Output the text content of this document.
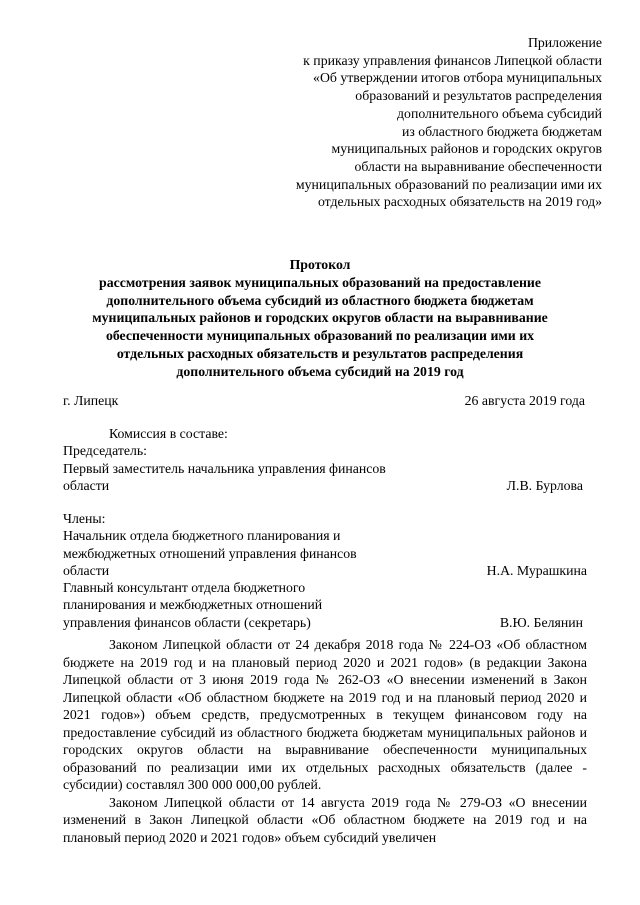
Приложение
к приказу управления финансов Липецкой области
«Об утверждении итогов отбора муниципальных
образований и результатов распределения
дополнительного объема субсидий
из областного бюджета бюджетам
муниципальных районов и городских округов
области на выравнивание обеспеченности
муниципальных образований по реализации ими их
отдельных расходных обязательств на 2019 год»
Протокол
рассмотрения заявок муниципальных образований на предоставление
дополнительного объема субсидий из областного бюджета бюджетам
муниципальных районов и городских округов области на выравнивание
обеспеченности муниципальных образований по реализации ими их
отдельных расходных обязательств и результатов распределения
дополнительного объема субсидий на 2019 год
г. Липецк	26 августа 2019 года
Комиссия в составе:
Председатель:
Первый заместитель начальника управления финансов
области	Л.В. Бурлова
Члены:
Начальник отдела бюджетного планирования и
межбюджетных отношений управления финансов
области	Н.А. Мурашкина
Главный консультант отдела бюджетного
планирования и межбюджетных отношений
управления финансов области (секретарь)	В.Ю. Белянин

Законом Липецкой области от 24 декабря 2018 года № 224-ОЗ «Об областном бюджете на 2019 год и на плановый период 2020 и 2021 годов» (в редакции Закона Липецкой области от 3 июня 2019 года № 262-ОЗ «О внесении изменений в Закон Липецкой области «Об областном бюджете на 2019 год и на плановый период 2020 и 2021 годов») объем средств, предусмотренных в текущем финансовом году на предоставление субсидий из областного бюджета бюджетам муниципальных районов и городских округов области на выравнивание обеспеченности муниципальных образований по реализации ими их отдельных расходных обязательств (далее - субсидии) составлял 300 000 000,00 рублей.

Законом Липецкой области от 14 августа 2019 года № 279-ОЗ «О внесении изменений в Закон Липецкой области «Об областном бюджете на 2019 год и на плановый период 2020 и 2021 годов» объем субсидий увеличен
